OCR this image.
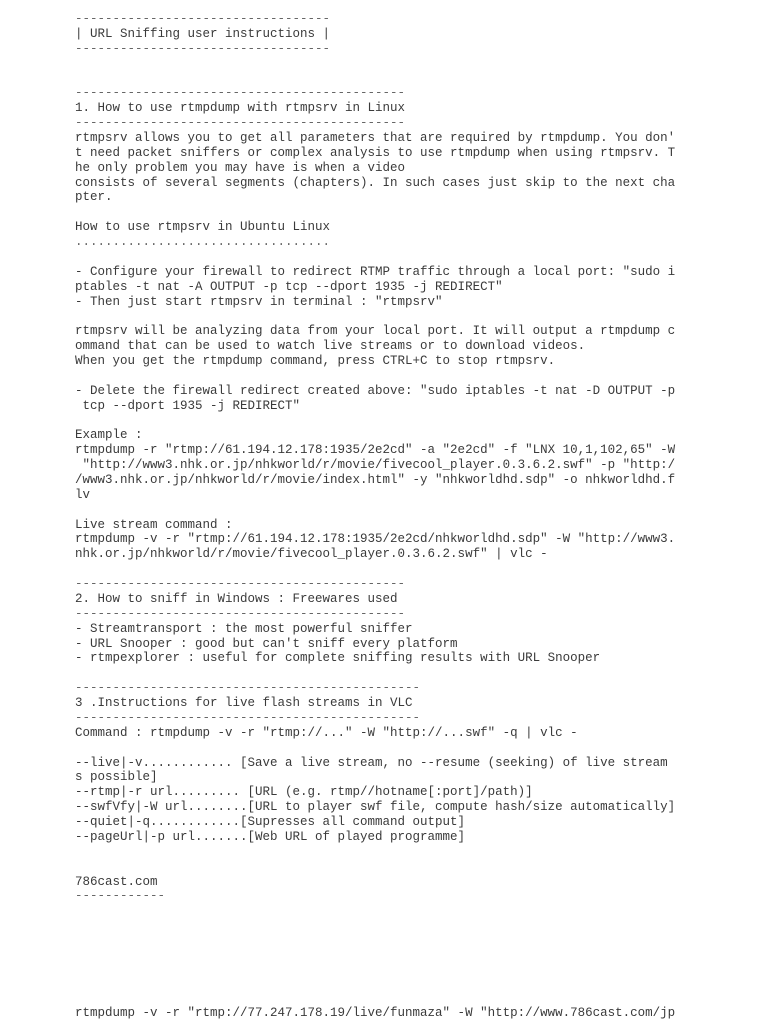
----------------------------------
| URL Sniffing user instructions |
----------------------------------
--------------------------------------------
1. How to use rtmpdump with rtmpsrv in Linux
--------------------------------------------
rtmpsrv allows you to get all parameters that are required by rtmpdump. You don'
t need packet sniffers or complex analysis to use rtmpdump when using rtmpsrv. T
he only problem you may have is when a video
consists of several segments (chapters). In such cases just skip to the next cha
pter.
How to use rtmpsrv in Ubuntu Linux
..................................
- Configure your firewall to redirect RTMP traffic through a local port: "sudo i
ptables -t nat -A OUTPUT -p tcp --dport 1935 -j REDIRECT"
- Then just start rtmpsrv in terminal : "rtmpsrv"
rtmpsrv will be analyzing data from your local port. It will output a rtmpdump c
ommand that can be used to watch live streams or to download videos.
When you get the rtmpdump command, press CTRL+C to stop rtmpsrv.
- Delete the firewall redirect created above: "sudo iptables -t nat -D OUTPUT -p
tcp --dport 1935 -j REDIRECT"
Example :
rtmpdump -r "rtmp://61.194.12.178:1935/2e2cd" -a "2e2cd" -f "LNX 10,1,102,65" -W
"http://www3.nhk.or.jp/nhkworld/r/movie/fivecool_player.0.3.6.2.swf" -p "http:/
/www3.nhk.or.jp/nhkworld/r/movie/index.html" -y "nhkworldhd.sdp" -o nhkworldhd.f
lv
Live stream command :
rtmpdump -v -r "rtmp://61.194.12.178:1935/2e2cd/nhkworldhd.sdp" -W "http://www3.
nhk.or.jp/nhkworld/r/movie/fivecool_player.0.3.6.2.swf" | vlc -
--------------------------------------------
2. How to sniff in Windows : Freewares used
--------------------------------------------
- Streamtransport : the most powerful sniffer
- URL Snooper : good but can't sniff every platform
- rtmpexplorer : useful for complete sniffing results with URL Snooper
----------------------------------------------
3 .Instructions for live flash streams in VLC
----------------------------------------------
Command : rtmpdump -v -r "rtmp://..." -W "http://...swf" -q | vlc -
--live|-v............ [Save a live stream, no --resume (seeking) of live stream
s possible]
--rtmp|-r url......... [URL (e.g. rtmp//hotname[:port]/path)]
--swfVfy|-W url........[URL to player swf file, compute hash/size automatically]
--quiet|-q............[Supresses all command output]
--pageUrl|-p url.......[Web URL of played programme]
786cast.com
------------
rtmpdump -v -r "rtmp://77.247.178.19/live/funmaza" -W "http://www.786cast.com/jp
